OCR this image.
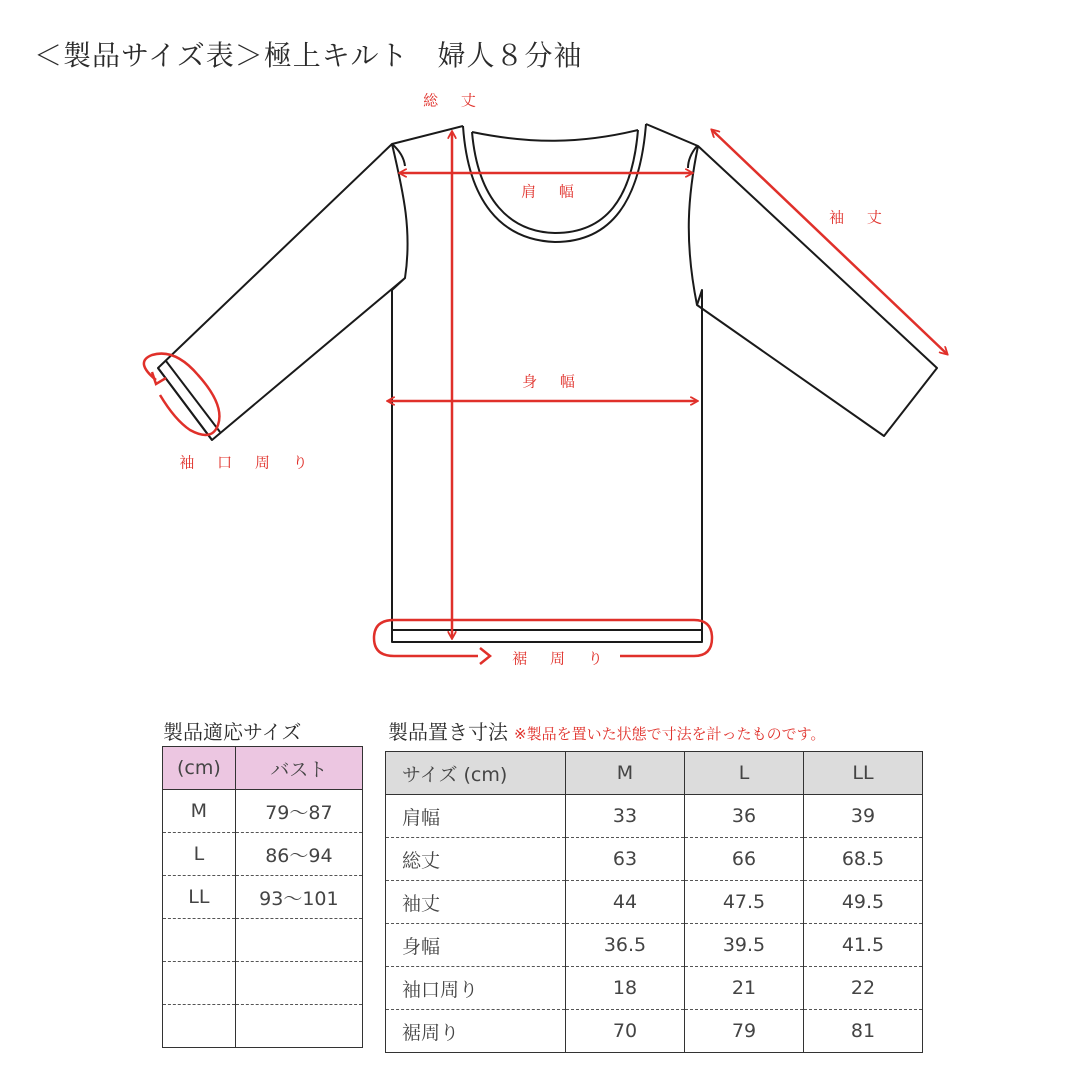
＜製品サイズ表＞極上キルト　婦人８分袖
総 丈
肩 幅
袖 丈
身 幅
袖 口 周 り
裾 周 り
製品適応サイズ	製品置き寸法 ※製品を置いた状態で寸法を計ったものです。
(cm)	バスト
M	79〜87
L	86〜94
LL	93〜101

サイズ (cm)	M	L	LL
肩幅	33	36	39
総丈	63	66	68.5
袖丈	44	47.5	49.5
身幅	36.5	39.5	41.5
袖口周り	18	21	22
裾周り	70	79	81
